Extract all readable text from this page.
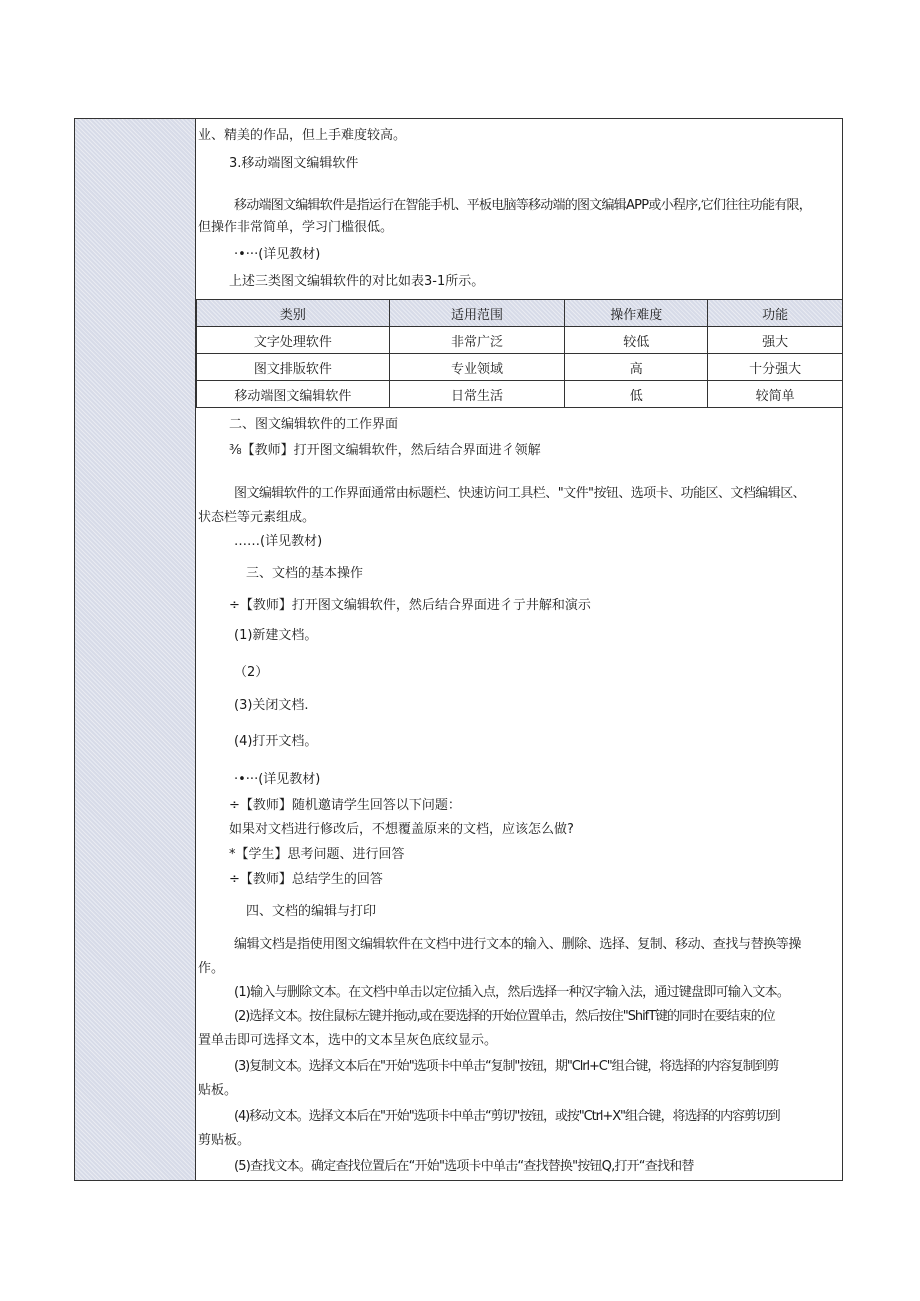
业、精美的作品，但上手难度较高。
3.移动端图文编辑软件
移动端图文编辑软件是指运行在智能手机、平板电脑等移动端的图文编辑APP或小程序,它们往往功能有限，
但操作非常简单，学习门槛很低。
·•···(详见教材)
上述三类图文编辑软件的对比如表3-1所示。
类别	适用范围	操作难度	功能
文字处理软件	非常广泛	较低	强大
图文排版软件	专业领域	高	十分强大
移动端图文编辑软件	日常生活	低	较简单
二、图文编辑软件的工作界面
⅜【教师】打开图文编辑软件，然后结合界面进彳领解
图文编辑软件的工作界面通常由标题栏、快速访问工具栏、"文件"按钮、选项卡、功能区、文档编辑区、
状态栏等元素组成。
……(详见教材)
三、文档的基本操作
÷【教师】打开图文编辑软件，然后结合界面进彳亍井解和演示
(1)新建文档。
（2）
(3)关闭文档.
(4)打开文档。
·•···(详见教材)
÷【教师】随机邀请学生回答以下问题：
如果对文档进行修改后，不想覆盖原来的文档，应该怎么做?
*【学生】思考问题、进行回答
÷【教师】总结学生的回答
四、文档的编辑与打印
编辑文档是指使用图文编辑软件在文档中进行文本的输入、删除、选择、复制、移动、查找与替换等操
作。
(1)输入与删除文本。在文档中单击以定位插入点，然后选择一种汉字输入法，通过键盘即可输入文本。
(2)选择文本。按住鼠标左键并拖动,或在要选择的开始位置单击，然后按住"ShifT键的同时在要结束的位
置单击即可选择文本，选中的文本呈灰色底纹显示。
(3)复制文本。选择文本后在"开始"选项卡中单击“复制"按钮，期"Clrl+C"组合键，将选择的内容复制到剪
贴板。
(4)移动文本。选择文本后在"开始"选项卡中单击“剪切"按钮，或按"Ctrl+X"组合键，将选择的内容剪切到
剪贴板。
(5)查找文本。确定查找位置后在“开始"选项卡中单击“查找替换"按钮Q,打开“查找和替
